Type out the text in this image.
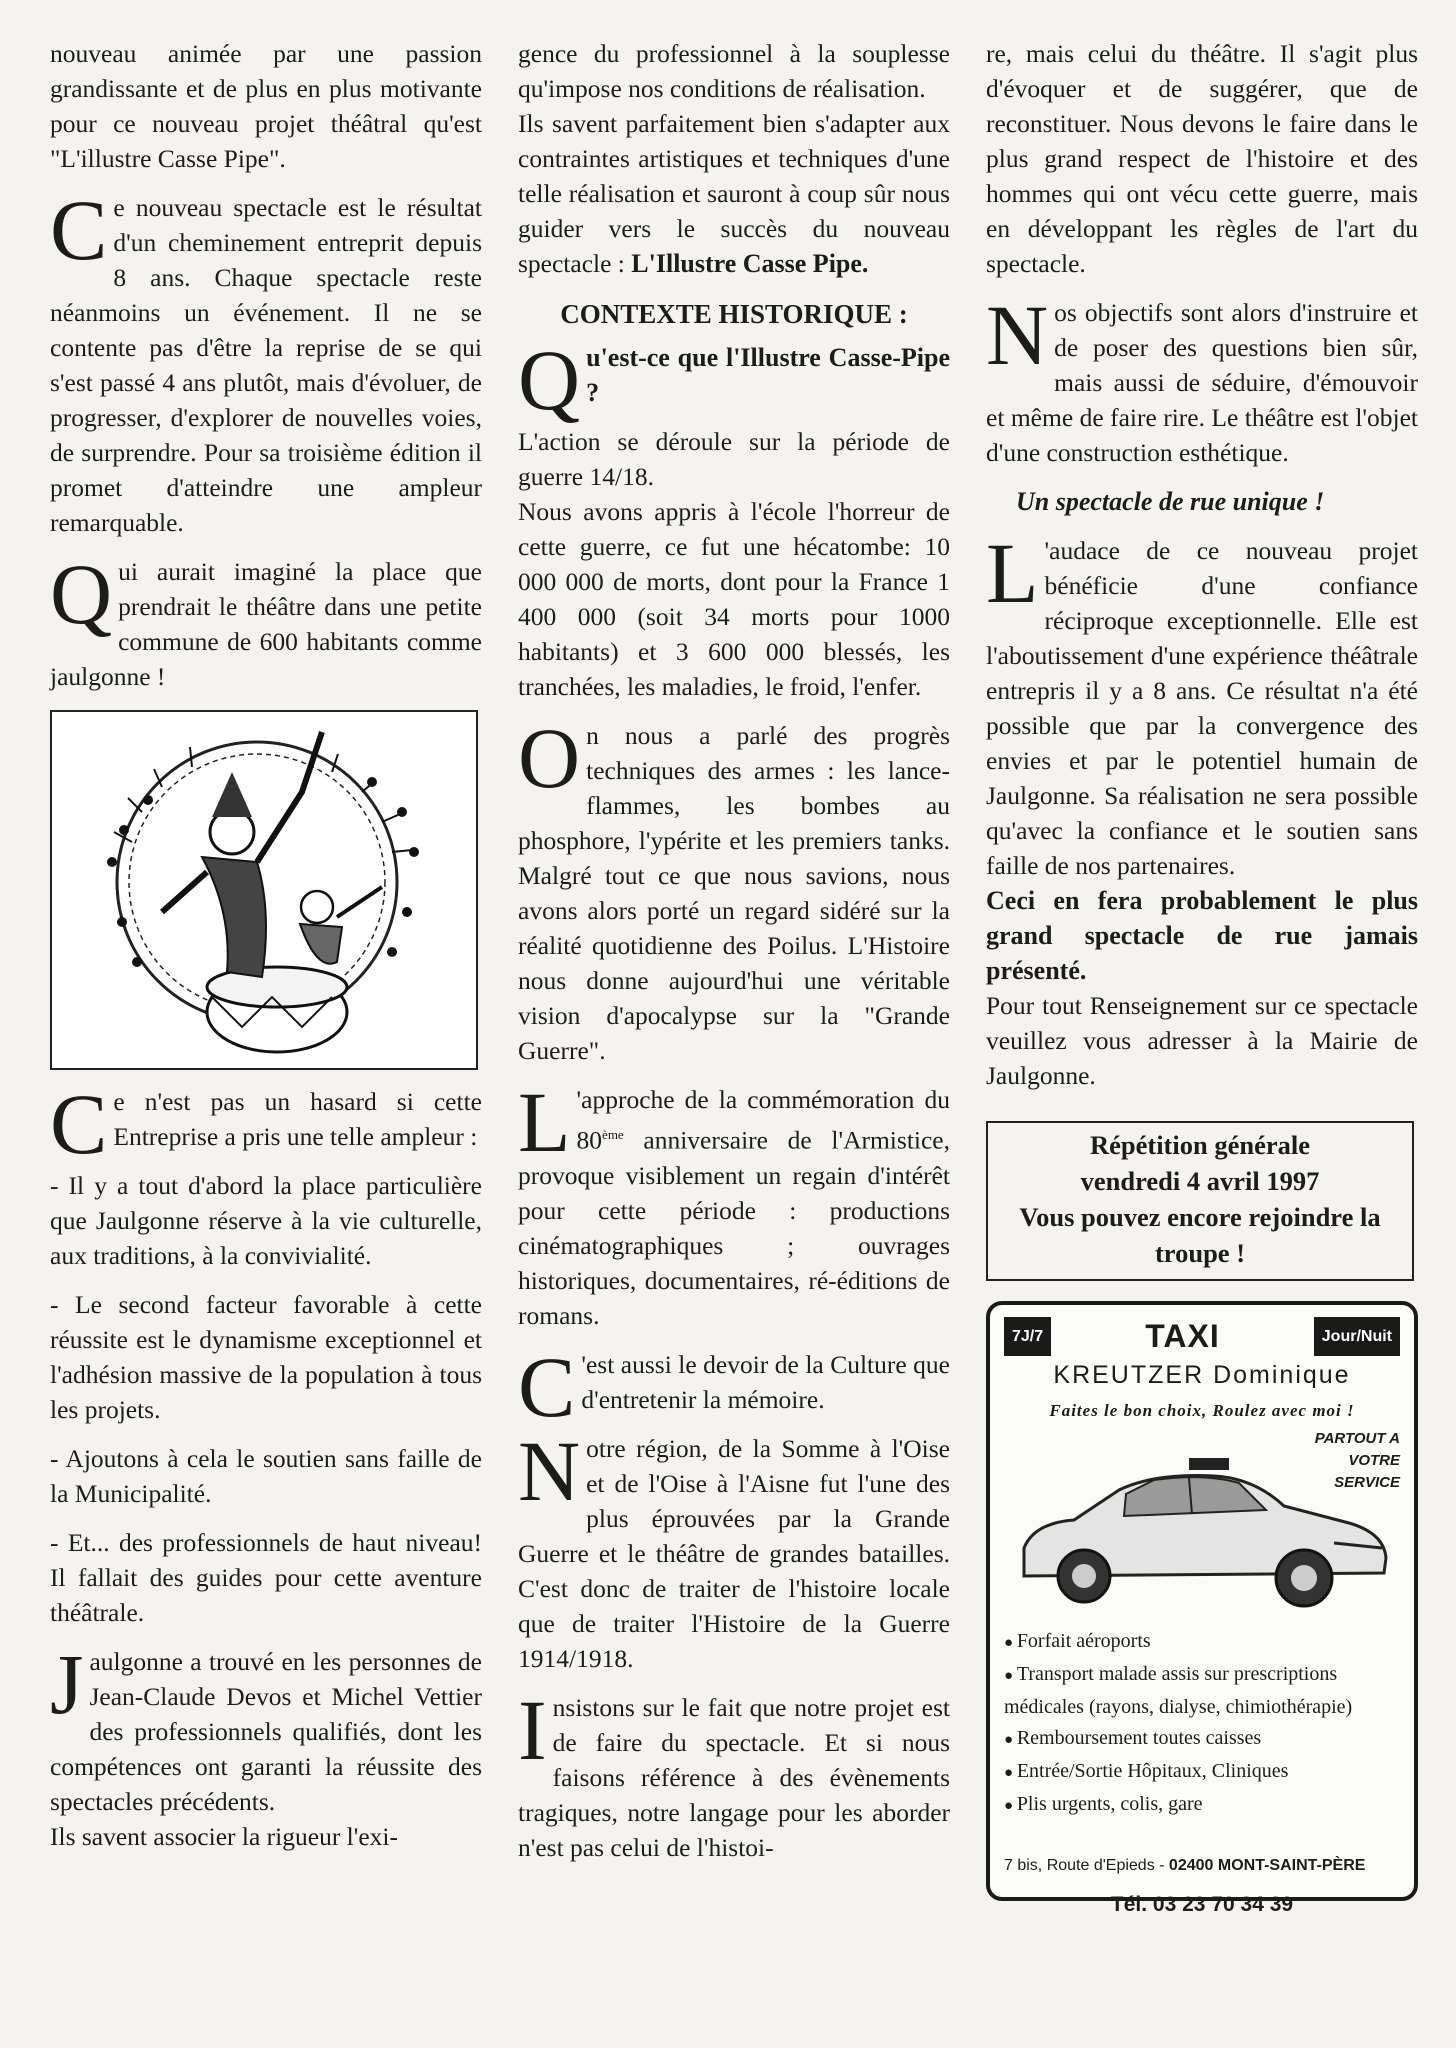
nouveau animée par une passion grandissante et de plus en plus motivante pour ce nouveau projet théâtral qu'est "L'illustre Casse Pipe".

Ce nouveau spectacle est le résultat d'un cheminement entreprit depuis 8 ans. Chaque spectacle reste néanmoins un événement. Il ne se contente pas d'être la reprise de se qui s'est passé 4 ans plutôt, mais d'évoluer, de progresser, d'explorer de nouvelles voies, de surprendre. Pour sa troisième édition il promet d'atteindre une ampleur remarquable.

Qui aurait imaginé la place que prendrait le théâtre dans une petite commune de 600 habitants comme jaulgonne !

Ce n'est pas un hasard si cette Entreprise a pris une telle ampleur :

- Il y a tout d'abord la place particulière que Jaulgonne réserve à la vie culturelle, aux traditions, à la convivialité.

- Le second facteur favorable à cette réussite est le dynamisme exceptionnel et l'adhésion massive de la population à tous les projets.

- Ajoutons à cela le soutien sans faille de la Municipalité.

- Et... des professionnels de haut niveau! Il fallait des guides pour cette aventure théâtrale.

Jaulgonne a trouvé en les personnes de Jean-Claude Devos et Michel Vettier des professionnels qualifiés, dont les compétences ont garanti la réussite des spectacles précédents.

Ils savent associer la rigueur l'exi-

gence du professionnel à la souplesse qu'impose nos conditions de réalisation.

Ils savent parfaitement bien s'adapter aux contraintes artistiques et techniques d'une telle réalisation et sauront à coup sûr nous guider vers le succès du nouveau spectacle : L'Illustre Casse Pipe.

CONTEXTE HISTORIQUE :

Qu'est-ce que l'Illustre Casse-Pipe ?

L'action se déroule sur la période de guerre 14/18.

Nous avons appris à l'école l'horreur de cette guerre, ce fut une hécatombe: 10 000 000 de morts, dont pour la France 1 400 000 (soit 34 morts pour 1000 habitants) et 3 600 000 blessés, les tranchées, les maladies, le froid, l'enfer.

On nous a parlé des progrès techniques des armes : les lance-flammes, les bombes au phosphore, l'ypérite et les premiers tanks. Malgré tout ce que nous savions, nous avons alors porté un regard sidéré sur la réalité quotidienne des Poilus. L'Histoire nous donne aujourd'hui une véritable vision d'apocalypse sur la "Grande Guerre".

L 'approche de la commémoration du 80ème anniversaire de l'Armistice, provoque visiblement un regain d'intérêt pour cette période : productions cinématographiques ; ouvrages historiques, documentaires, ré-éditions de romans.

C 'est aussi le devoir de la Culture que d'entretenir la mémoire.

Notre région, de la Somme à l'Oise et de l'Oise à l'Aisne fut l'une des plus éprouvées par la Grande Guerre et le théâtre de grandes batailles. C'est donc de traiter de l'histoire locale que de traiter l'Histoire de la Guerre 1914/1918.

Insistons sur le fait que notre projet est de faire du spectacle. Et si nous faisons référence à des évènements tragiques, notre langage pour les aborder n'est pas celui de l'histoi-

re, mais celui du théâtre. Il s'agit plus d'évoquer et de suggérer, que de reconstituer. Nous devons le faire dans le plus grand respect de l'histoire et des hommes qui ont vécu cette guerre, mais en développant les règles de l'art du spectacle.

Nos objectifs sont alors d'instruire et de poser des questions bien sûr, mais aussi de séduire, d'émouvoir et même de faire rire. Le théâtre est l'objet d'une construction esthétique.

Un spectacle de rue unique !

L 'audace de ce nouveau projet bénéficie d'une confiance réciproque exceptionnelle. Elle est l'aboutissement d'une expérience théâtrale entrepris il y a 8 ans. Ce résultat n'a été possible que par la convergence des envies et par le potentiel humain de Jaulgonne. Sa réalisation ne sera possible qu'avec la confiance et le soutien sans faille de nos partenaires.

Ceci en fera probablement le plus grand spectacle de rue jamais présenté.

Pour tout Renseignement sur ce spectacle veuillez vous adresser à la Mairie de Jaulgonne.

Répétition générale
vendredi 4 avril 1997
Vous pouvez encore rejoindre la troupe !
7J/7	TAXI	Jour/Nuit
KREUTZER Dominique
Faites le bon choix, Roulez avec moi !
PARTOUT A
VOTRE
SERVICE
● Forfait aéroports
● Transport malade assis sur prescriptions médicales (rayons, dialyse, chimiothérapie)
● Remboursement toutes caisses
● Entrée/Sortie Hôpitaux, Cliniques
● Plis urgents, colis, gare
7 bis, Route d'Epieds - 02400 MONT-SAINT-PÈRE
Tél. 03 23 70 34 39
